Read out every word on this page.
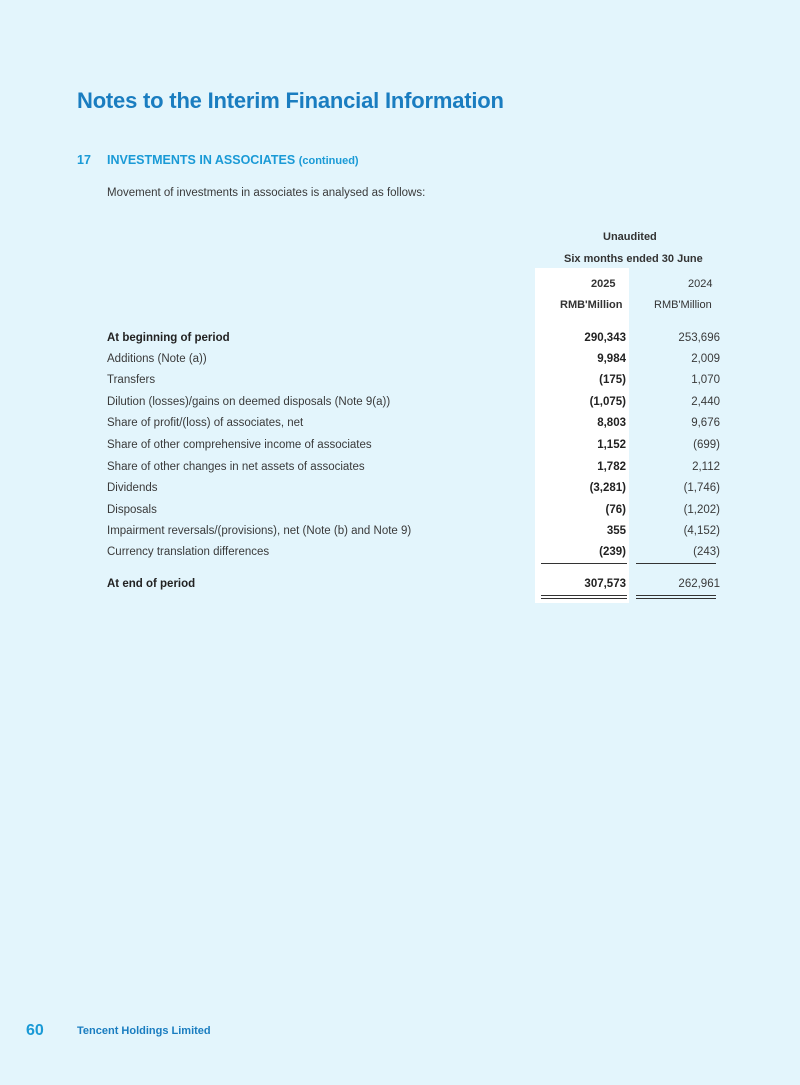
Notes to the Interim Financial Information
17 INVESTMENTS IN ASSOCIATES (continued)
Movement of investments in associates is analysed as follows:
Unaudited
Six months ended 30 June
2025	2024
RMB'Million	RMB'Million
At beginning of period	290,343	253,696
Additions (Note (a))	9,984	2,009
Transfers	(175)	1,070
Dilution (losses)/gains on deemed disposals (Note 9(a))	(1,075)	2,440
Share of profit/(loss) of associates, net	8,803	9,676
Share of other comprehensive income of associates	1,152	(699)
Share of other changes in net assets of associates	1,782	2,112
Dividends	(3,281)	(1,746)
Disposals	(76)	(1,202)
Impairment reversals/(provisions), net (Note (b) and Note 9)	355	(4,152)
Currency translation differences	(239)	(243)
At end of period	307,573	262,961
60	Tencent Holdings Limited
